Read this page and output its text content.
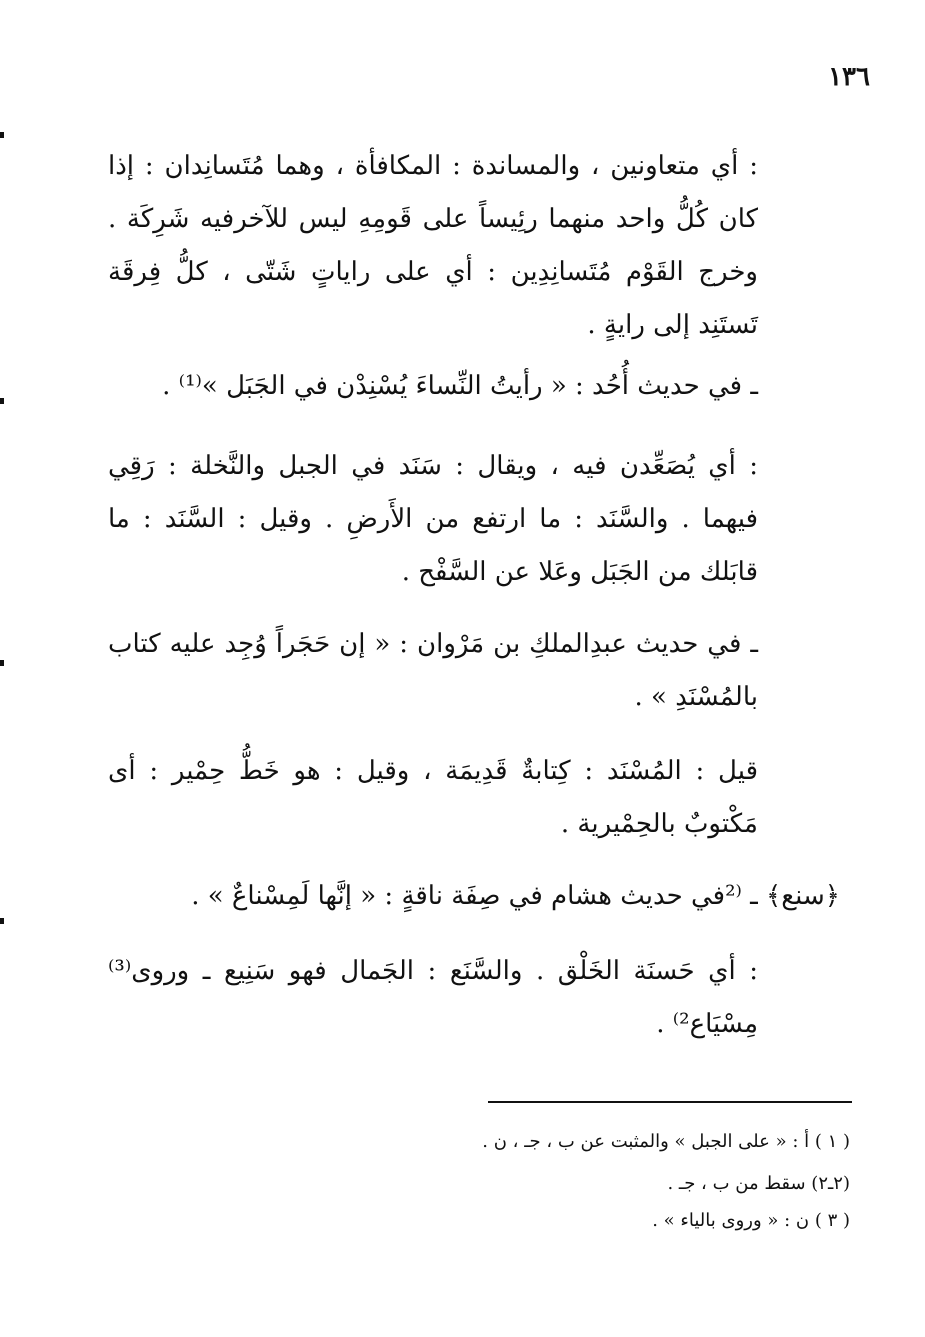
١٣٦
: أي متعاونين ، والمساندة : المكافأة ، وهما مُتَسانِدان : إذا كان كُلُّ واحد منهما رئِيساً على قَومِهِ ليس للآخرفيه شَرِكَة . وخرج القَوْم مُتَسانِدِين : أي على راياتٍ شَتّى ، كلُّ فِرقَة تَستَنِد إلى رايةٍ .
ـ في حديث أُحُد : « رأيتُ النِّساءَ يُسْنِدْن في الجَبَل »⁽¹⁾ .
: أي يُصَعِّدن فيه ، ويقال : سَنَد في الجبل والنَّخلة : رَقِي فيهما . والسَّنَد : ما ارتفع من الأَرضِ . وقيل : السَّنَد : ما قابَلك من الجَبَل وعَلا عن السَّفْح .
ـ في حديث عبدِالملكِ بن مَرْوان : « إن حَجَراً وُجِد عليه كتاب بالمُسْنَدِ » .
قيل : المُسْنَد : كِتابةٌ قَدِيمَة ، وقيل : هو خَطُّ حِمْير : أى مَكْتوبٌ بالحِمْيرية .
﴿سنع﴾ ـ ⁽²في حديث هشام في صِفَة ناقةٍ : « إنَّها لَمِسْناعٌ » .
: أي حَسنَة الخَلْق . والسَّنَع : الجَمال فهو سَنِيع ـ وروى⁽³⁾ مِسْيَاع²⁾ .
( ١ ) أ : « على الجبل » والمثبت عن ب ، جـ ، ن .
(٢ـ٢) سقط من ب ، جـ .
( ٣ ) ن : « وروى بالياء » .
